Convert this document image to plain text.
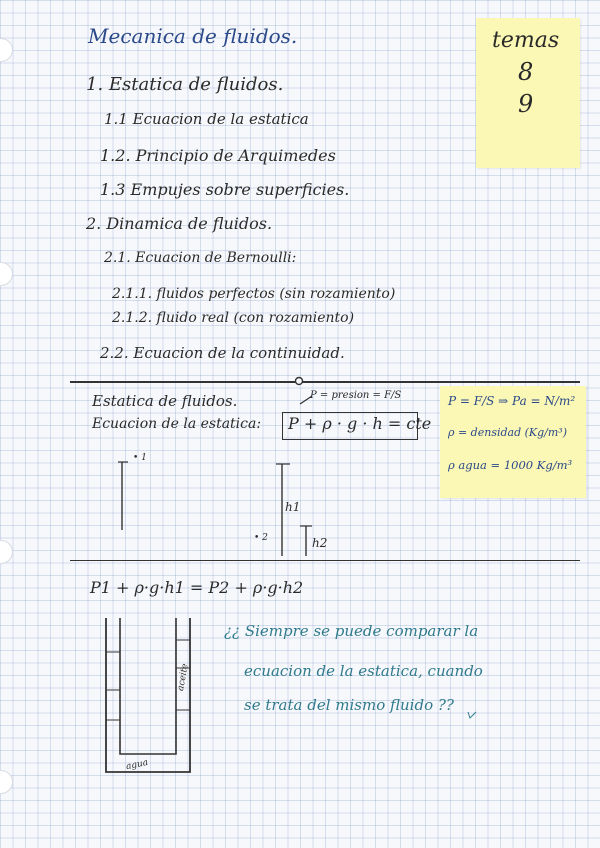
Mecanica de fluidos.	temas
8
9
1. Estatica de fluidos.
1.1 Ecuacion de la estatica
1.2. Principio de Arquimedes
1.3 Empujes sobre superficies.
2. Dinamica de fluidos.
2.1. Ecuacion de Bernoulli:
2.1.1. fluidos perfectos (sin rozamiento)
2.1.2. fluido real (con rozamiento)
2.2. Ecuacion de la continuidad.
Estatica de fluidos.
Ecuacion de la estatica:
P = presion = F/S
P + ρ · g · h = cte
P = F/S ⇒ Pa = N/m²
ρ = densidad (Kg/m³)
ρ agua = 1000 Kg/m³
• 1
• 2
h1
h2
P1 + ρ·g·h1 = P2 + ρ·g·h2
¿¿ Siempre se puede comparar la
ecuacion de la estatica, cuando
se trata del mismo fluido ??
aceite
agua
